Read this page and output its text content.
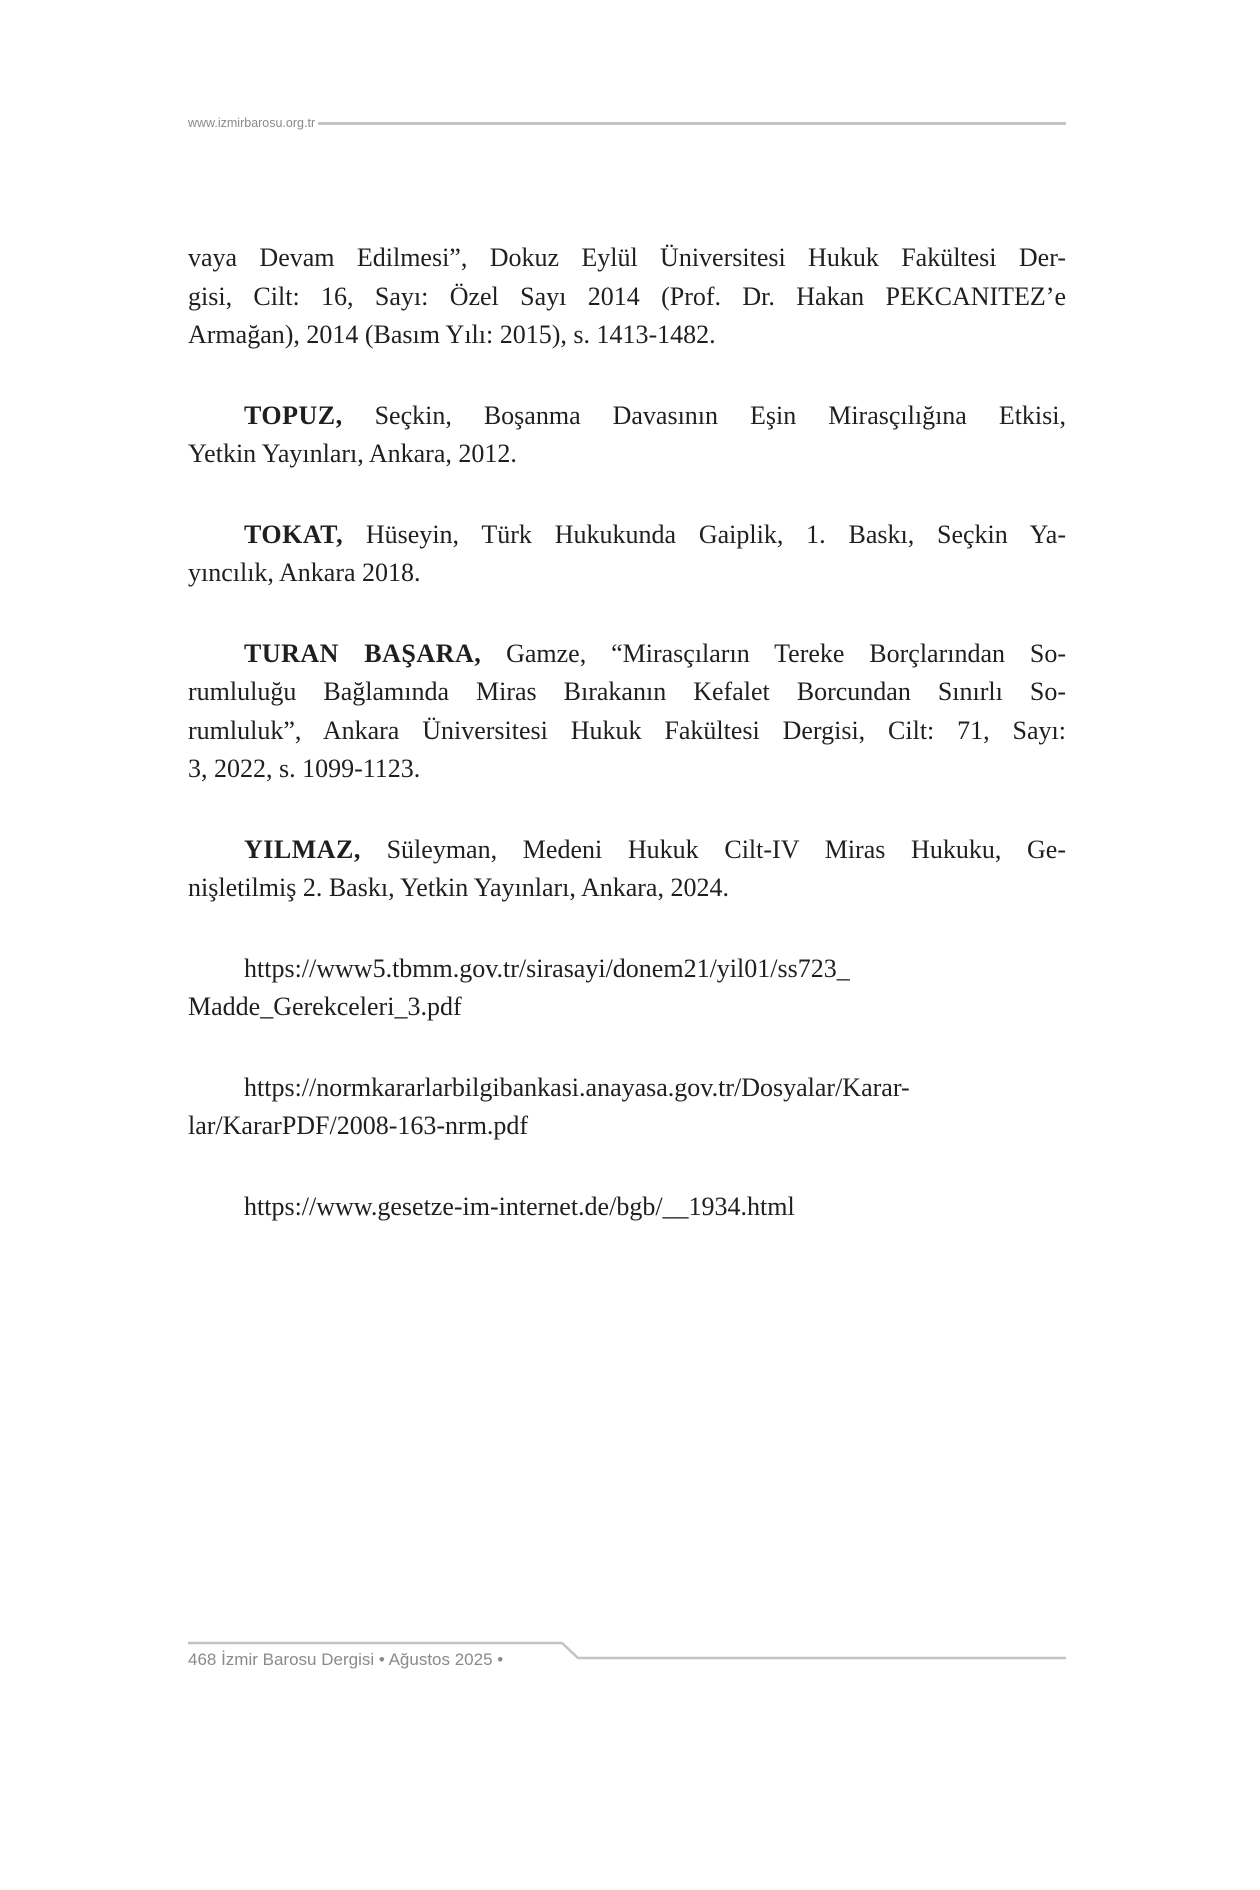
www.izmirbarosu.org.tr
vaya Devam Edilmesi”, Dokuz Eylül Üniversitesi Hukuk Fakültesi Der-
gisi, Cilt: 16, Sayı: Özel Sayı 2014 (Prof. Dr. Hakan PEKCANITEZ’e
Armağan), 2014 (Basım Yılı: 2015), s. 1413-1482.
TOPUZ, Seçkin, Boşanma Davasının Eşin Mirasçılığına Etkisi,
Yetkin Yayınları, Ankara, 2012.
TOKAT, Hüseyin, Türk Hukukunda Gaiplik, 1. Baskı, Seçkin Ya-
yıncılık, Ankara 2018.
TURAN BAŞARA, Gamze, “Mirasçıların Tereke Borçlarından So-
rumluluğu Bağlamında Miras Bırakanın Kefalet Borcundan Sınırlı So-
rumluluk”, Ankara Üniversitesi Hukuk Fakültesi Dergisi, Cilt: 71, Sayı:
3, 2022, s. 1099-1123.
YILMAZ, Süleyman, Medeni Hukuk Cilt-IV Miras Hukuku, Ge-
nişletilmiş 2. Baskı, Yetkin Yayınları, Ankara, 2024.
https://www5.tbmm.gov.tr/sirasayi/donem21/yil01/ss723_
Madde_Gerekceleri_3.pdf
https://normkararlarbilgibankasi.anayasa.gov.tr/Dosyalar/Karar-
lar/KararPDF/2008-163-nrm.pdf
https://www.gesetze-im-internet.de/bgb/__1934.html
468 İzmir Barosu Dergisi • Ağustos 2025 •
